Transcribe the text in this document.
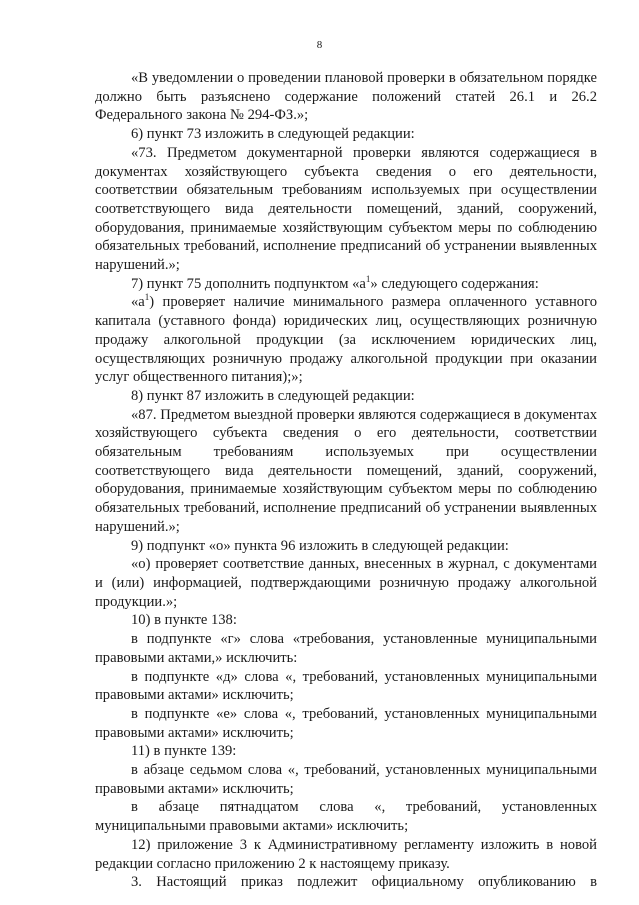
8

«В уведомлении о проведении плановой проверки в обязательном порядке должно быть разъяснено содержание положений статей 26.1 и 26.2 Федерального закона № 294-ФЗ.»;

6) пункт 73 изложить в следующей редакции:

«73. Предметом документарной проверки являются содержащиеся в документах хозяйствующего субъекта сведения о его деятельности, соответствии обязательным требованиям используемых при осуществлении соответствующего вида деятельности помещений, зданий, сооружений, оборудования, принимаемые хозяйствующим субъектом меры по соблюдению обязательных требований, исполнение предписаний об устранении выявленных нарушений.»;

7) пункт 75 дополнить подпунктом «$а^1$» следующего содержания:

«$а^1$) проверяет наличие минимального размера оплаченного уставного капитала (уставного фонда) юридических лиц, осуществляющих розничную продажу алкогольной продукции (за исключением юридических лиц, осуществляющих розничную продажу алкогольной продукции при оказании услуг общественного питания);»;

8) пункт 87 изложить в следующей редакции:

«87. Предметом выездной проверки являются содержащиеся в документах хозяйствующего субъекта сведения о его деятельности, соответствии обязательным требованиям используемых при осуществлении соответствующего вида деятельности помещений, зданий, сооружений, оборудования, принимаемые хозяйствующим субъектом меры по соблюдению обязательных требований, исполнение предписаний об устранении выявленных нарушений.»;

9) подпункт «о» пункта 96 изложить в следующей редакции:

«о) проверяет соответствие данных, внесенных в журнал, с документами и (или) информацией, подтверждающими розничную продажу алкогольной продукции.»;

10) в пункте 138:

в подпункте «г» слова «требования, установленные муниципальными правовыми актами,» исключить:

в подпункте «д» слова «, требований, установленных муниципальными правовыми актами» исключить;

в подпункте «е» слова «, требований, установленных муниципальными правовыми актами» исключить;

11) в пункте 139:

в абзаце седьмом слова «, требований, установленных муниципальными правовыми актами» исключить;

в абзаце пятнадцатом слова «, требований, установленных муниципальными правовыми актами» исключить;

12) приложение 3 к Административному регламенту изложить в новой редакции согласно приложению 2 к настоящему приказу.

3. Настоящий приказ подлежит официальному опубликованию в
